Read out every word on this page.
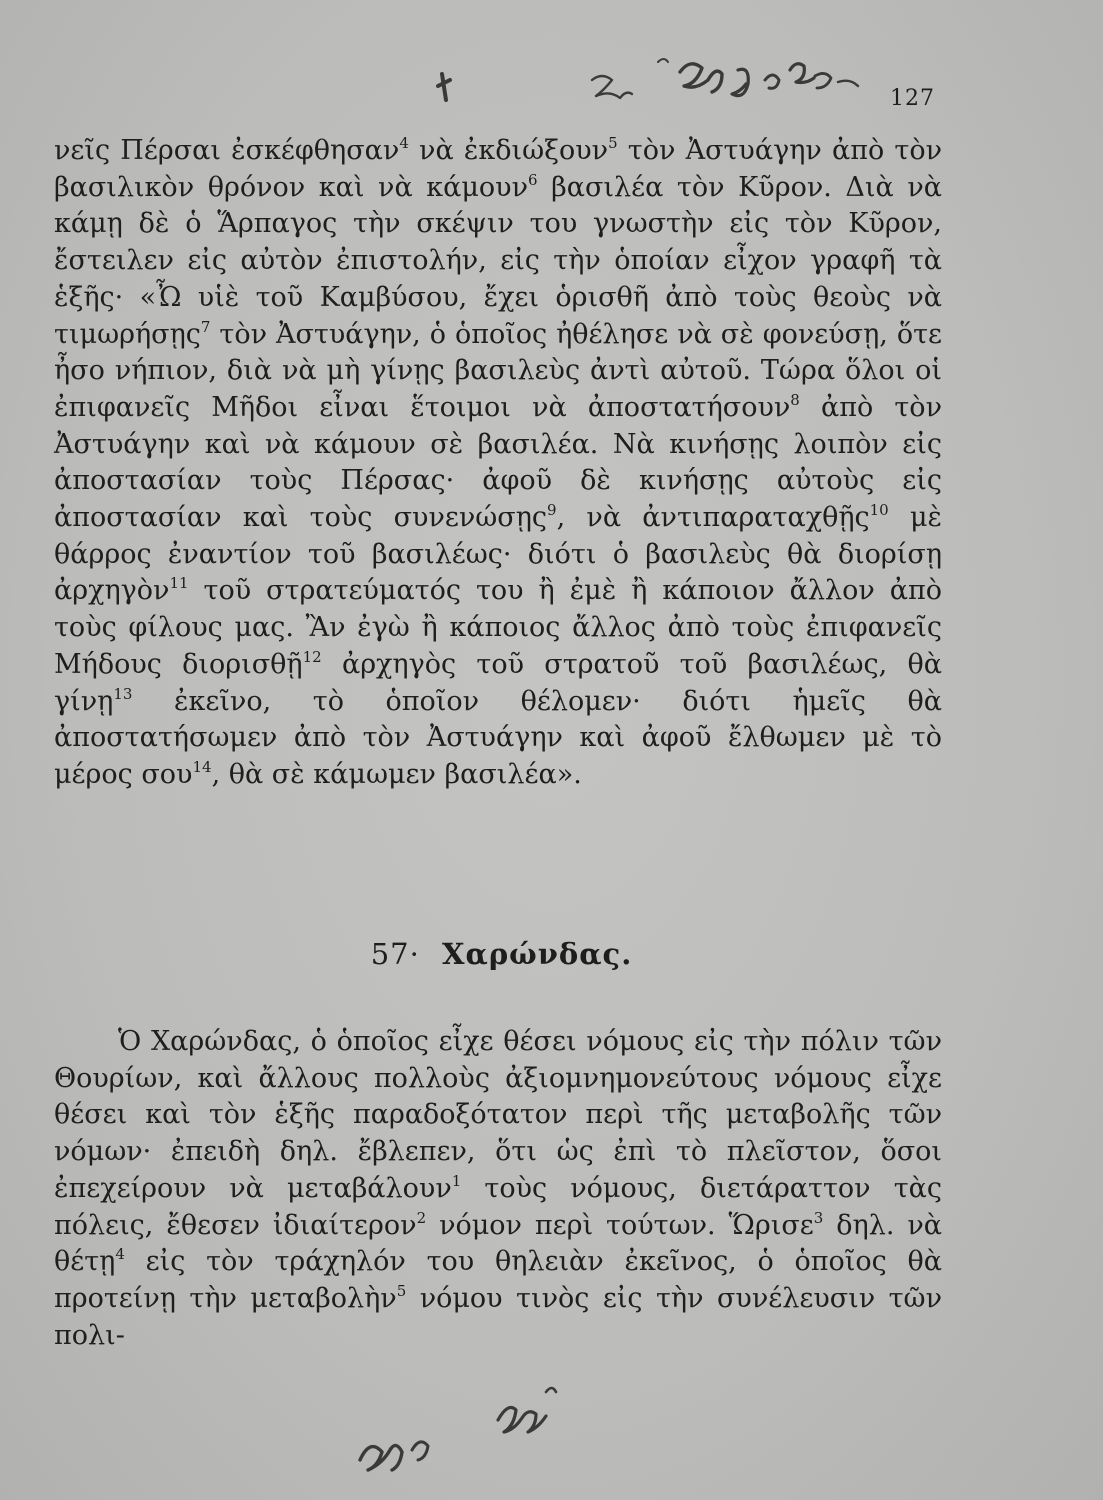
127

νεῖς Πέρσαι ἐσκέφθησαν$^4$ νὰ ἐκδιώξουν$^5$ τὸν Ἀστυάγην ἀπὸ τὸν βασιλικὸν θρόνον καὶ νὰ κάμουν$^6$ βασιλέα τὸν Κῦρον. Διὰ νὰ κάμῃ δὲ ὁ Ἅρπαγος τὴν σκέψιν του γνωστὴν εἰς τὸν Κῦρον, ἔστειλεν εἰς αὐτὸν ἐπιστολήν, εἰς τὴν ὁποίαν εἶχον γραφῆ τὰ ἑξῆς· «Ὦ υἱὲ τοῦ Καμβύσου, ἔχει ὁρισθῆ ἀπὸ τοὺς θεοὺς νὰ τιμωρήσῃς$^7$ τὸν Ἀστυάγην, ὁ ὁποῖος ἠθέλησε νὰ σὲ φονεύσῃ, ὅτε ἦσο νήπιον, διὰ νὰ μὴ γίνῃς βασιλεὺς ἀντὶ αὐτοῦ. Τώρα ὅλοι οἱ ἐπιφανεῖς Μῆδοι εἶναι ἕτοιμοι νὰ ἀποστατήσουν$^8$ ἀπὸ τὸν Ἀστυάγην καὶ νὰ κάμουν σὲ βασιλέα. Νὰ κινήσῃς λοιπὸν εἰς ἀποστασίαν τοὺς Πέρσας· ἀφοῦ δὲ κινήσῃς αὐτοὺς εἰς ἀποστασίαν καὶ τοὺς συνενώσῃς$^9$, νὰ ἀντιπαραταχθῇς$^{10}$ μὲ θάρρος ἐναντίον τοῦ βασιλέως· διότι ὁ βασιλεὺς θὰ διορίσῃ ἀρχηγὸν$^{11}$ τοῦ στρατεύματός του ἢ ἐμὲ ἢ κάποιον ἄλλον ἀπὸ τοὺς φίλους μας. Ἂν ἐγὼ ἢ κάποιος ἄλλος ἀπὸ τοὺς ἐπιφανεῖς Μήδους διορισθῇ$^{12}$ ἀρχηγὸς τοῦ στρατοῦ τοῦ βασιλέως, θὰ γίνῃ$^{13}$ ἐκεῖνο, τὸ ὁποῖον θέλομεν· διότι ἡμεῖς θὰ ἀποστατήσωμεν ἀπὸ τὸν Ἀστυάγην καὶ ἀφοῦ ἔλθωμεν μὲ τὸ μέρος σου$^{14}$, θὰ σὲ κάμωμεν βασιλέα».

57· Χαρώνδας.

Ὁ Χαρώνδας, ὁ ὁποῖος εἶχε θέσει νόμους εἰς τὴν πόλιν τῶν Θουρίων, καὶ ἄλλους πολλοὺς ἀξιομνημονεύτους νόμους εἶχε θέσει καὶ τὸν ἑξῆς παραδοξότατον περὶ τῆς μεταβολῆς τῶν νόμων· ἐπειδὴ δηλ. ἔβλεπεν, ὅτι ὡς ἐπὶ τὸ πλεῖστον, ὅσοι ἐπεχείρουν νὰ μεταβάλουν$^1$ τοὺς νόμους, διετάραττον τὰς πόλεις, ἔθεσεν ἰδιαίτερον$^2$ νόμον περὶ τούτων. Ὥρισε$^3$ δηλ. νὰ θέτῃ$^4$ εἰς τὸν τράχηλόν του θηλειὰν ἐκεῖνος, ὁ ὁποῖος θὰ προτείνῃ τὴν μεταβολὴν$^5$ νόμου τινὸς εἰς τὴν συνέλευσιν τῶν πολι-
